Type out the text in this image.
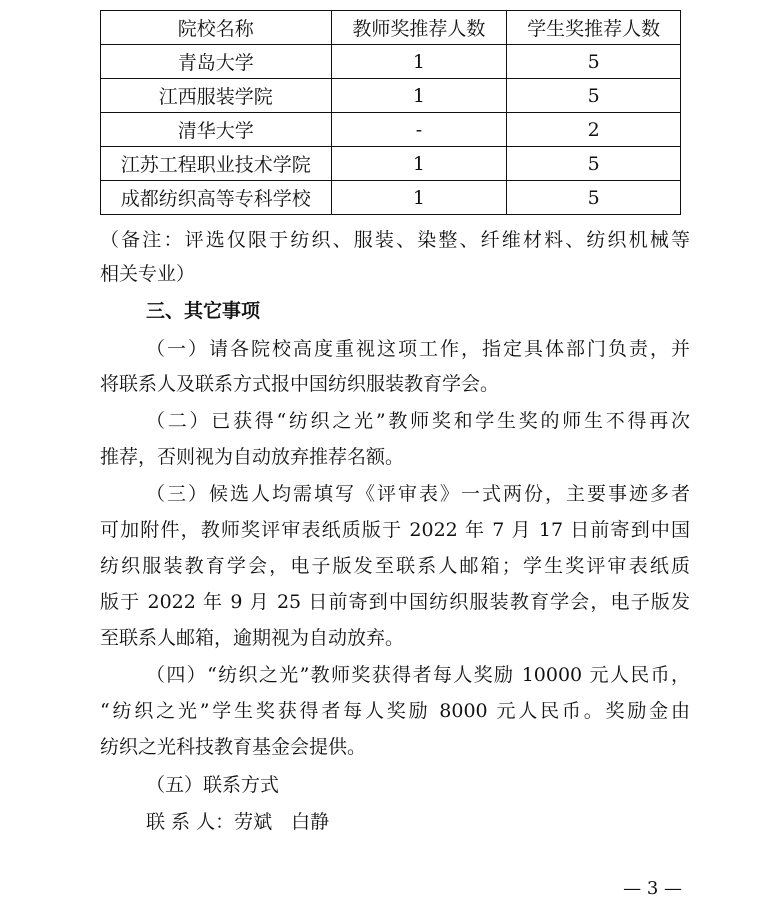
院校名称	教师奖推荐人数	学生奖推荐人数
青岛大学	1	5
江西服装学院	1	5
清华大学	-	2
江苏工程职业技术学院	1	5
成都纺织高等专科学校	1	5
（备注：评选仅限于纺织、服装、染整、纤维材料、纺织机械等
相关专业）
三、其它事项
（一）请各院校高度重视这项工作，指定具体部门负责，并
将联系人及联系方式报中国纺织服装教育学会。
（二）已获得“纺织之光”教师奖和学生奖的师生不得再次
推荐，否则视为自动放弃推荐名额。
（三）候选人均需填写《评审表》一式两份，主要事迹多者
可加附件，教师奖评审表纸质版于 2022 年 7 月 17 日前寄到中国
纺织服装教育学会，电子版发至联系人邮箱；学生奖评审表纸质
版于 2022 年 9 月 25 日前寄到中国纺织服装教育学会，电子版发
至联系人邮箱，逾期视为自动放弃。
（四）“纺织之光”教师奖获得者每人奖励 10000 元人民币，
“纺织之光”学生奖获得者每人奖励 8000 元人民币。奖励金由
纺织之光科技教育基金会提供。
（五）联系方式
联 系 人：劳斌　白静
— 3 —
